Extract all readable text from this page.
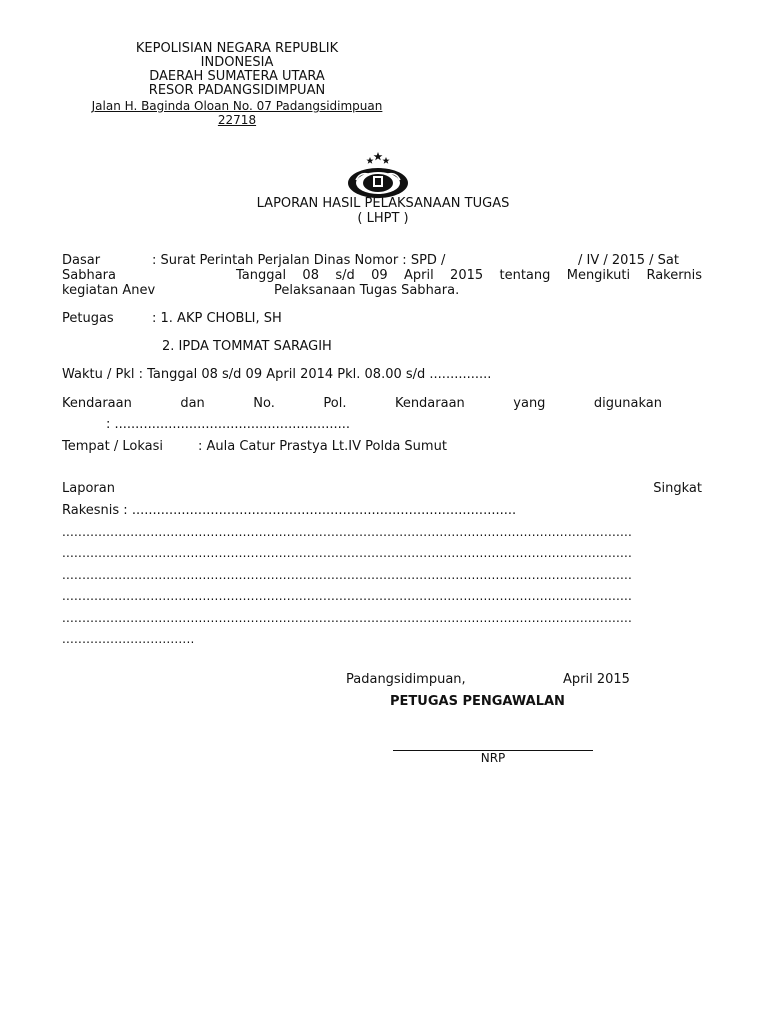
KEPOLISIAN NEGARA REPUBLIK
INDONESIA
DAERAH SUMATERA UTARA
RESOR PADANGSIDIMPUAN
Jalan H. Baginda Oloan No. 07 Padangsidimpuan
22718
LAPORAN HASIL PELAKSANAAN TUGAS
( LHPT )
Dasar	: Surat Perintah Perjalan Dinas Nomor : SPD /	/ IV / 2015 / Sat
Sabhara	Tanggal 08 s/d 09 April 2015 tentang Mengikuti Rakernis
kegiatan Anev	Pelaksanaan Tugas Sabhara.
Petugas	: 1. AKP CHOBLI, SH
2. IPDA TOMMAT SARAGIH
Waktu / Pkl : Tanggal 08 s/d 09 April 2014 Pkl. 08.00 s/d ...............
Kendaraan	dan	No.	Pol.	Kendaraan	yang	digunakan
: .........................................................
Tempat / Lokasi	: Aula Catur Prastya Lt.IV Polda Sumut
Laporan	Singkat
Rakesnis : .............................................................................................
..............................................................................................................................................
..............................................................................................................................................
..............................................................................................................................................
..............................................................................................................................................
..............................................................................................................................................
.................................
Padangsidimpuan,	April 2015
PETUGAS PENGAWALAN
NRP
